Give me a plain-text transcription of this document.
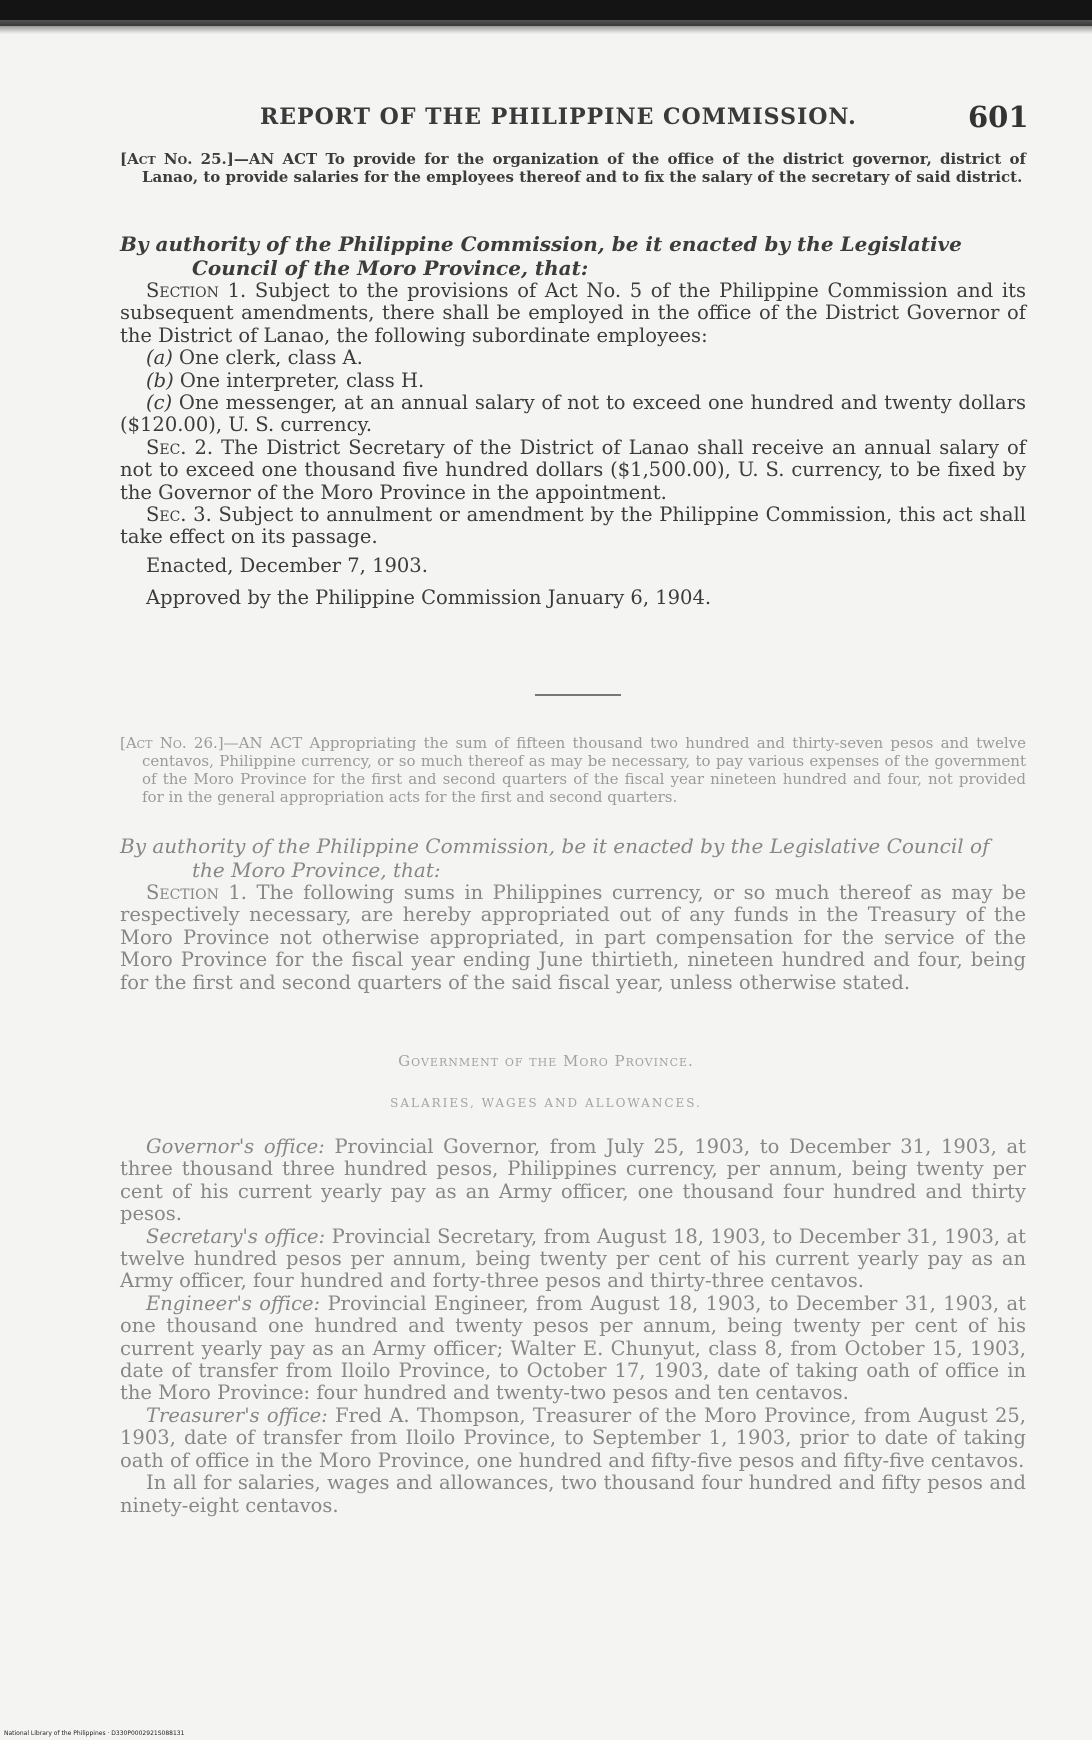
REPORT OF THE PHILIPPINE COMMISSION.	601

[Act No. 25.]—AN ACT To provide for the organization of the office of the district governor, district of Lanao, to provide salaries for the employees thereof and to fix the salary of the secretary of said district.

By authority of the Philippine Commission, be it enacted by the Legislative Council of the Moro Province, that:

Section 1. Subject to the provisions of Act No. 5 of the Philippine Commission and its subsequent amendments, there shall be employed in the office of the District Governor of the District of Lanao, the following subordinate employees:

(a) One clerk, class A.

(b) One interpreter, class H.

(c) One messenger, at an annual salary of not to exceed one hundred and twenty dollars ($120.00), U. S. currency.

Sec. 2. The District Secretary of the District of Lanao shall receive an annual salary of not to exceed one thousand five hundred dollars ($1,500.00), U. S. currency, to be fixed by the Governor of the Moro Province in the appointment.

Sec. 3. Subject to annulment or amendment by the Philippine Commission, this act shall take effect on its passage.

Enacted, December 7, 1903.

Approved by the Philippine Commission January 6, 1904.

[Act No. 26.]—AN ACT Appropriating the sum of fifteen thousand two hundred and thirty-seven pesos and twelve centavos, Philippine currency, or so much thereof as may be necessary, to pay various expenses of the government of the Moro Province for the first and second quarters of the fiscal year nineteen hundred and four, not provided for in the general appropriation acts for the first and second quarters.

By authority of the Philippine Commission, be it enacted by the Legislative Council of the Moro Province, that:

Section 1. The following sums in Philippines currency, or so much thereof as may be respectively necessary, are hereby appropriated out of any funds in the Treasury of the Moro Province not otherwise appropriated, in part compensation for the service of the Moro Province for the fiscal year ending June thirtieth, nineteen hundred and four, being for the first and second quarters of the said fiscal year, unless otherwise stated.

Government of the Moro Province.
SALARIES, WAGES AND ALLOWANCES.

Governor's office: Provincial Governor, from July 25, 1903, to December 31, 1903, at three thousand three hundred pesos, Philippines currency, per annum, being twenty per cent of his current yearly pay as an Army officer, one thousand four hundred and thirty pesos.

Secretary's office: Provincial Secretary, from August 18, 1903, to December 31, 1903, at twelve hundred pesos per annum, being twenty per cent of his current yearly pay as an Army officer, four hundred and forty-three pesos and thirty-three centavos.

Engineer's office: Provincial Engineer, from August 18, 1903, to December 31, 1903, at one thousand one hundred and twenty pesos per annum, being twenty per cent of his current yearly pay as an Army officer; Walter E. Chunyut, class 8, from October 15, 1903, date of transfer from Iloilo Province, to October 17, 1903, date of taking oath of office in the Moro Province: four hundred and twenty-two pesos and ten centavos.

Treasurer's office: Fred A. Thompson, Treasurer of the Moro Province, from August 25, 1903, date of transfer from Iloilo Province, to September 1, 1903, prior to date of taking oath of office in the Moro Province, one hundred and fifty-five pesos and fifty-five centavos.

In all for salaries, wages and allowances, two thousand four hundred and fifty pesos and ninety-eight centavos.

National Library of the Philippines · D330P0002921S088131
